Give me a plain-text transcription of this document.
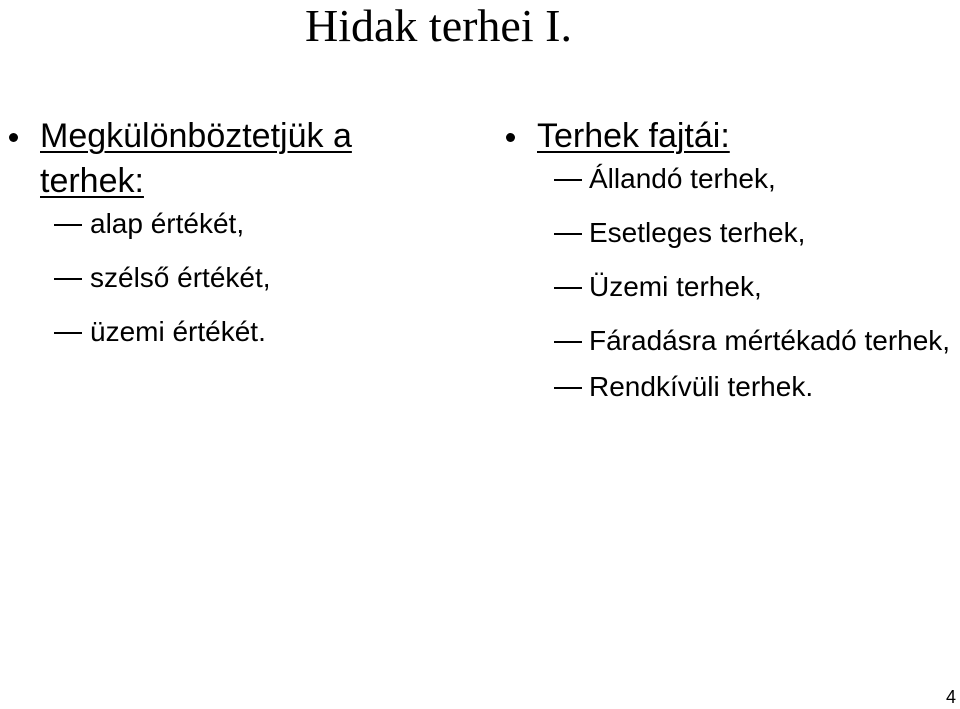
Hidak terhei I.
Megkülönböztetjük a terhek:
alap értékét,
szélső értékét,
üzemi értékét.
Terhek fajtái:
Állandó terhek,
Esetleges terhek,
Üzemi terhek,
Fáradásra mértékadó terhek,
Rendkívüli terhek.
4
